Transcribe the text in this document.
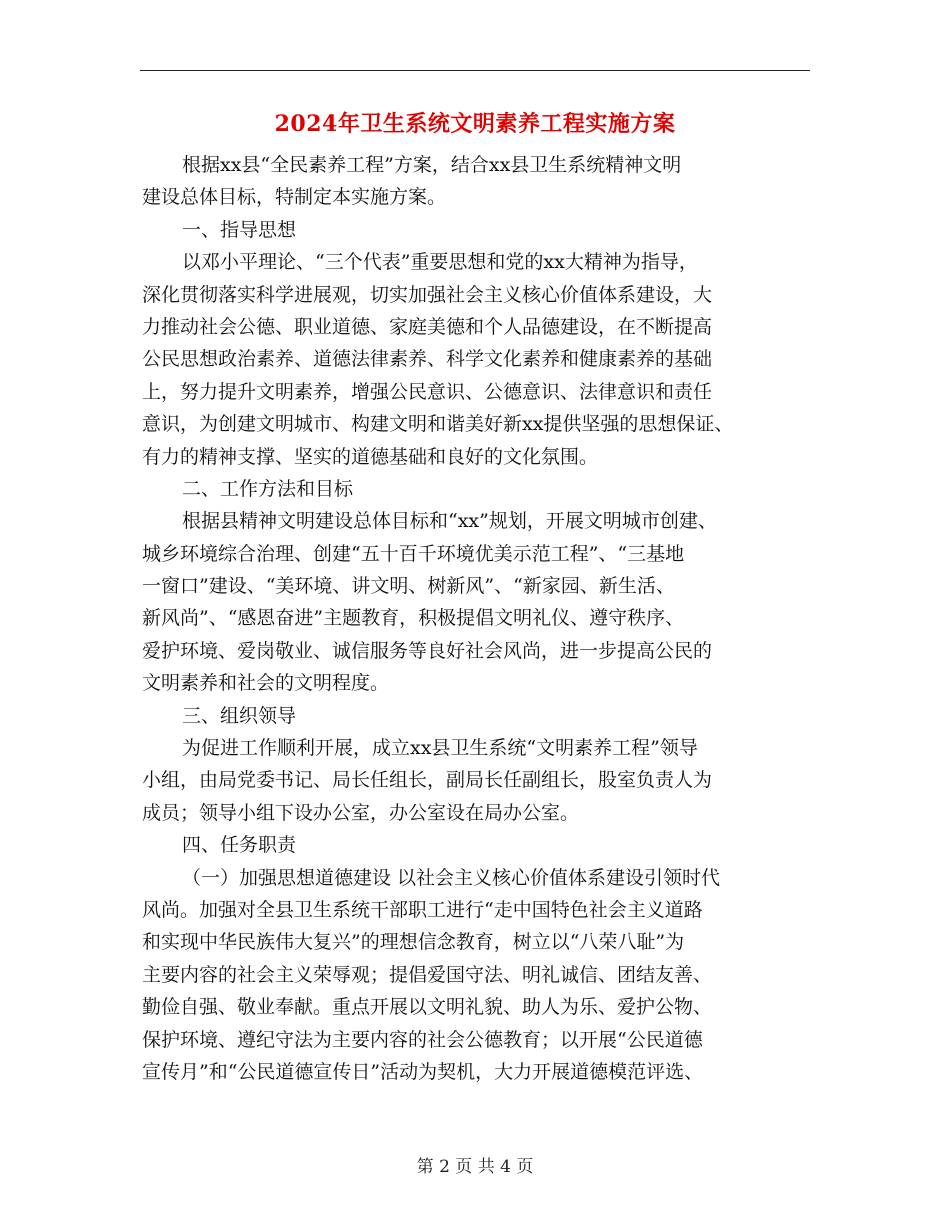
2024年卫生系统文明素养工程实施方案
根据xx县“全民素养工程”方案，结合xx县卫生系统精神文明
建设总体目标，特制定本实施方案。
一、指导思想
以邓小平理论、“三个代表”重要思想和党的xx大精神为指导，
深化贯彻落实科学进展观，切实加强社会主义核心价值体系建设，大
力推动社会公德、职业道德、家庭美德和个人品德建设，在不断提高
公民思想政治素养、道德法律素养、科学文化素养和健康素养的基础
上，努力提升文明素养，增强公民意识、公德意识、法律意识和责任
意识，为创建文明城市、构建文明和谐美好新xx提供坚强的思想保证、
有力的精神支撑、坚实的道德基础和良好的文化氛围。
二、工作方法和目标
根据县精神文明建设总体目标和“xx”规划，开展文明城市创建、
城乡环境综合治理、创建“五十百千环境优美示范工程”、“三基地
一窗口”建设、“美环境、讲文明、树新风”、“新家园、新生活、
新风尚”、“感恩奋进”主题教育，积极提倡文明礼仪、遵守秩序、
爱护环境、爱岗敬业、诚信服务等良好社会风尚，进一步提高公民的
文明素养和社会的文明程度。
三、组织领导
为促进工作顺利开展，成立xx县卫生系统“文明素养工程”领导
小组，由局党委书记、局长任组长，副局长任副组长，股室负责人为
成员；领导小组下设办公室，办公室设在局办公室。
四、任务职责
（一）加强思想道德建设 以社会主义核心价值体系建设引领时代
风尚。加强对全县卫生系统干部职工进行“走中国特色社会主义道路
和实现中华民族伟大复兴”的理想信念教育，树立以“八荣八耻”为
主要内容的社会主义荣辱观；提倡爱国守法、明礼诚信、团结友善、
勤俭自强、敬业奉献。重点开展以文明礼貌、助人为乐、爱护公物、
保护环境、遵纪守法为主要内容的社会公德教育；以开展“公民道德
宣传月”和“公民道德宣传日”活动为契机，大力开展道德模范评选、
第 2 页 共 4 页
